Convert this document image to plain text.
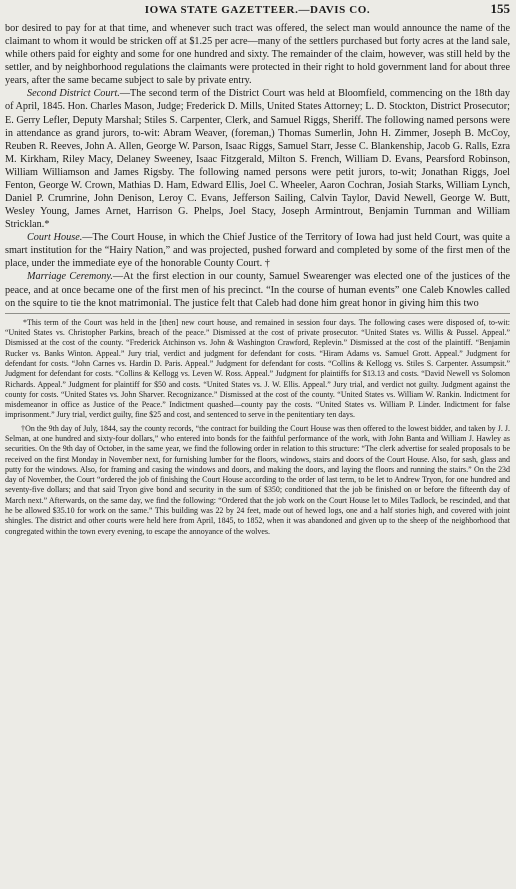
IOWA STATE GAZETTEER.—DAVIS CO.	155

bor desired to pay for at that time, and whenever such tract was offered, the select man would announce the name of the claimant to whom it would be stricken off at $1.25 per acre—many of the settlers purchased but forty acres at the land sale, while others paid for eighty and some for one hundred and sixty. The remainder of the claim, however, was still held by the settler, and by neighborhood regulations the claimants were protected in their right to hold government land for about three years, after the same became subject to sale by private entry.

Second District Court.—The second term of the District Court was held at Bloomfield, commencing on the 18th day of April, 1845. Hon. Charles Mason, Judge; Frederick D. Mills, United States Attorney; L. D. Stockton, District Prosecutor; E. Gerry Lefler, Deputy Marshal; Stiles S. Carpenter, Clerk, and Samuel Riggs, Sheriff. The following named persons were in attendance as grand jurors, to-wit: Abram Weaver, (foreman,) Thomas Sumerlin, John H. Zimmer, Joseph B. McCoy, Reuben R. Reeves, John A. Allen, George W. Parson, Isaac Riggs, Samuel Starr, Jesse C. Blankenship, Jacob G. Ralls, Ezra M. Kirkham, Riley Macy, Delaney Sweeney, Isaac Fitzgerald, Milton S. French, William D. Evans, Pearsford Robinson, William Williamson and James Rigsby. The following named persons were petit jurors, to-wit; Jonathan Riggs, Joel Fenton, George W. Crown, Mathias D. Ham, Edward Ellis, Joel C. Wheeler, Aaron Cochran, Josiah Starks, William Lynch, Daniel P. Crumrine, John Denison, Leroy C. Evans, Jefferson Sailing, Calvin Taylor, David Newell, George W. Butt, Wesley Young, James Arnet, Harrison G. Phelps, Joel Stacy, Joseph Armintrout, Benjamin Turnman and William Stricklan.*

Court House.—The Court House, in which the Chief Justice of the Territory of Iowa had just held Court, was quite a smart institution for the “Hairy Nation,” and was projected, pushed forward and completed by some of the first men of the place, under the immediate eye of the honorable County Court. †

Marriage Ceremony.—At the first election in our county, Samuel Swearenger was elected one of the justices of the peace, and at once became one of the first men of his precinct. “In the course of human events” one Caleb Knowles called on the squire to tie the knot matrimonial. The justice felt that Caleb had done him great honor in giving him this two

*This term of the Court was held in the [then] new court house, and remained in session four days. The following cases were disposed of, to-wit: “United States vs. Christopher Parkins, breach of the peace.” Dismissed at the cost of private prosecutor. “United States vs. Willis & Pussel. Appeal.” Dismissed at the cost of the county. “Frederick Atchinson vs. John & Washington Crawford, Replevin.” Dismissed at the cost of the plaintiff. “Benjamin Rucker vs. Banks Winton. Appeal.” Jury trial, verdict and judgment for defendant for costs. “Hiram Adams vs. Samuel Grott. Appeal.” Judgment for defendant for costs. “John Carnes vs. Hardin D. Paris. Appeal.” Judgment for defendant for costs. “Collins & Kellogg vs. Stiles S. Carpenter. Assumpsit.” Judgment for defendant for costs. “Collins & Kellogg vs. Leven W. Ross. Appeal.” Judgment for plaintiffs for $13.13 and costs. “David Newell vs Solomon Richards. Appeal.” Judgment for plaintiff for $50 and costs. “United States vs. J. W. Ellis. Appeal.” Jury trial, and verdict not guilty. Judgment against the county for costs. “United States vs. John Sharver. Recognizance.” Dismissed at the cost of the county. “United States vs. William W. Rankin. Indictment for misdemeanor in office as Justice of the Peace.” Indictment quashed—county pay the costs. “United States vs. William P. Linder. Indictment for false imprisonment.” Jury trial, verdict guilty, fine $25 and cost, and sentenced to serve in the penitentiary ten days.

†On the 9th day of July, 1844, say the county records, “the contract for building the Court House was then offered to the lowest bidder, and taken by J. J. Selman, at one hundred and sixty-four dollars,” who entered into bonds for the faithful performance of the work, with John Banta and William J. Hawley as securities. On the 9th day of October, in the same year, we find the following order in relation to this structure: “The clerk advertise for sealed proposals to be received on the first Monday in November next, for furnishing lumber for the floors, windows, stairs and doors of the Court House. Also, for sash, glass and putty for the windows. Also, for framing and casing the windows and doors, and making the doors, and laying the floors and running the stairs.” On the 23d day of November, the Court “ordered the job of finishing the Court House according to the order of last term, to be let to Andrew Tryon, for one hundred and seventy-five dollars; and that said Tryon give bond and security in the sum of $350; conditioned that the job be finished on or before the fifteenth day of March next.” Afterwards, on the same day, we find the following: “Ordered that the job work on the Court House let to Miles Tadlock, be rescinded, and that he be allowed $35.10 for work on the same.” This building was 22 by 24 feet, made out of hewed logs, one and a half stories high, and covered with joint shingles. The district and other courts were held here from April, 1845, to 1852, when it was abandoned and given up to the sheep of the neighborhood that congregated within the town every evening, to escape the annoyance of the wolves.
